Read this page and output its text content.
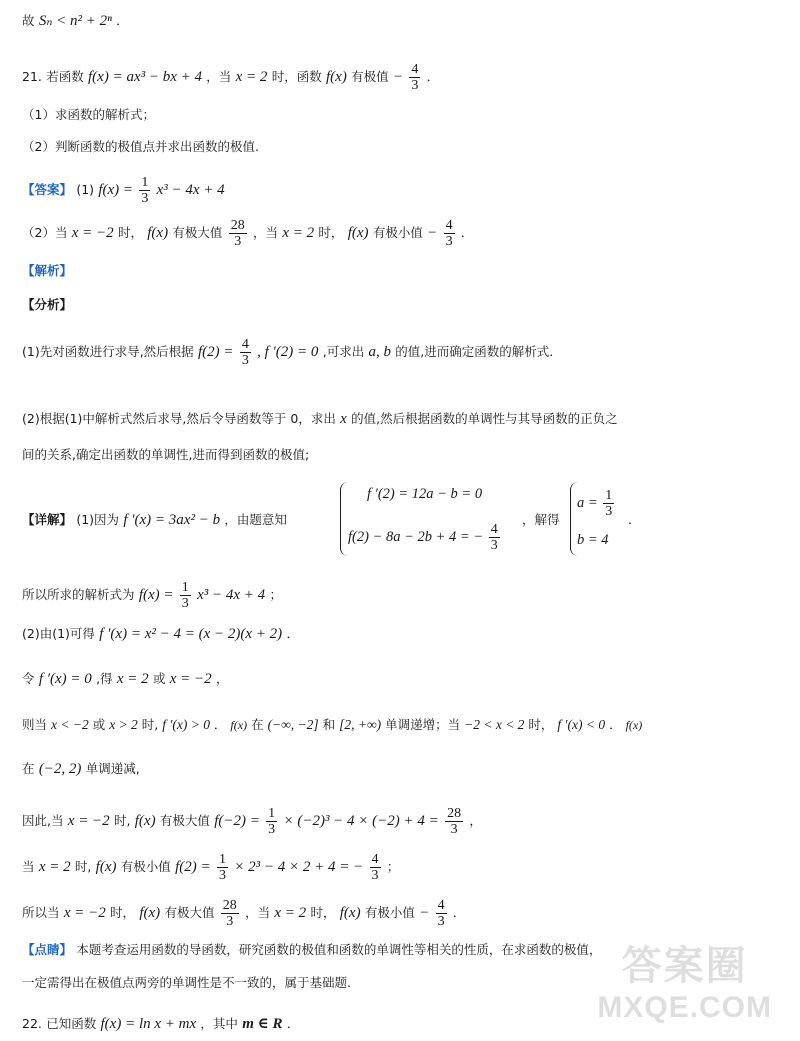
故 Sₙ < n² + 2ⁿ ．
21. 若函数 f(x) = ax³ − bx + 4 ，当 x = 2 时，函数 f(x) 有极值 − $\frac{4}{3}$ ．
（1）求函数的解析式；
（2）判断函数的极值点并求出函数的极值.
【答案】 (1) $f(x) = \frac{1}{3} x^3 - 4x + 4$
（2）当 x = −2 时， f(x) 有极大值 $\frac{28}{3}$ ，当 x = 2 时， f(x) 有极小值 − $\frac{4}{3}$ ．
【解析】
【分析】
(1)先对函数进行求导,然后根据 $f(2) = \frac{4}{3}$ , f ′(2) = 0 ,可求出 a, b 的值,进而确定函数的解析式.
(2)根据(1)中解析式然后求导,然后令导函数等于 0，求出 x 的值,然后根据函数的单调性与其导函数的正负之
间的关系,确定出函数的单调性,进而得到函数的极值;
【详解】 (1)因为 f ′(x) = 3ax² − b ，由题意知
f ′(2) = 12a − b = 0
f(2) − 8a − 2b + 4 = − $\frac{4}{3}$
，解得
$a = \frac{1}{3}$
b = 4
．
所以所求的解析式为 $f(x) = \frac{1}{3} x^3 - 4x + 4$ ；
(2)由(1)可得 f ′(x) = x² − 4 = (x − 2)(x + 2) ．
令 f ′(x) = 0 ,得 x = 2 或 x = −2 ，
则当 x < −2 或 x > 2 时, f ′(x) > 0 ． f(x) 在 (−∞, −2] 和 [2, +∞) 单调递增；当 −2 < x < 2 时， f ′(x) < 0 ． f(x)
在 (−2, 2) 单调递减,
因此,当 x = −2 时, f(x) 有极大值 $f(-2) = \frac{1}{3} \times (-2)^3 - 4 \times (-2) + 4 = \frac{28}{3}$ ，
当 x = 2 时, f(x) 有极小值 $f(2) = \frac{1}{3} \times 2^3 - 4 \times 2 + 4$ = − $\frac{4}{3}$ ；
所以当 x = −2 时， f(x) 有极大值 $\frac{28}{3}$ ，当 x = 2 时， f(x) 有极小值 − $\frac{4}{3}$ ．
【点睛】 本题考查运用函数的导函数，研究函数的极值和函数的单调性等相关的性质，在求函数的极值，
一定需得出在极值点两旁的单调性是不一致的，属于基础题.
22. 已知函数 f(x) = ln x + mx ，其中 m ∈ R ．
答案圈
MXQE.COM
